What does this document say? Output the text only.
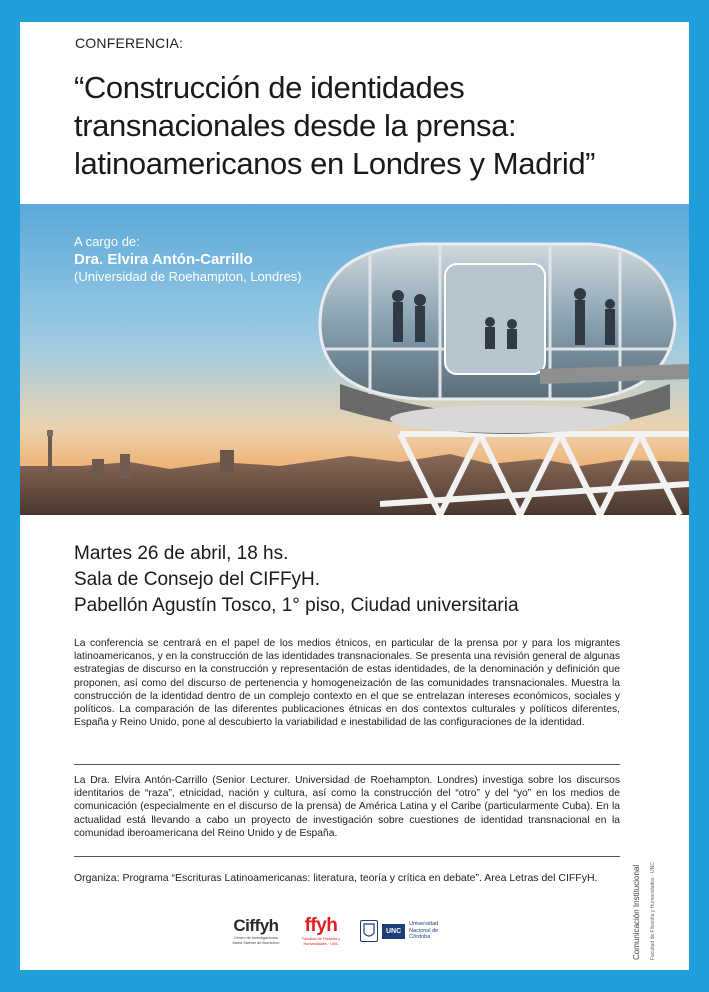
CONFERENCIA:
“Construcción de identidades transnacionales desde la prensa: latinoamericanos en Londres y Madrid”
A cargo de:
Dra. Elvira Antón-Carrillo
(Universidad de Roehampton, Londres)
Martes 26 de abril, 18 hs.
Sala de Consejo del CIFFyH.
Pabellón Agustín Tosco, 1° piso, Ciudad universitaria

La conferencia se centrará en el papel de los medios étnicos, en particular de la prensa por y para los migrantes latinoamericanos, y en la construcción de las identidades transnacionales. Se presenta una revisión general de algunas estrategias de discurso en la construcción y representación de estas identidades, de la denominación y definición que proponen, así como del discurso de pertenencia y homogeneización de las comunidades transnacionales. Muestra la construcción de la identidad dentro de un complejo contexto en el que se entrelazan intereses económicos, sociales y políticos. La comparación de las diferentes publicaciones étnicas en dos contextos culturales y políticos diferentes, España y Reino Unido, pone al descubierto la variabilidad e inestabilidad de las configuraciones de la identidad.

La Dra. Elvira Antón-Carrillo (Senior Lecturer. Universidad de Roehampton. Londres) investiga sobre los discursos identitarios de “raza”, etnicidad, nación y cultura, así como la construcción del “otro” y del “yo” en los medios de comunicación (especialmente en el discurso de la prensa) de América Latina y el Caribe (particularmente Cuba). En la actualidad está llevando a cabo un proyecto de investigación sobre cuestiones de identidad transnacional en la comunidad iberoamericana del Reino Unido y de España.

Organiza: Programa “Escrituras Latinoamericanas: literatura, teoría y crítica en debate”. Area Letras del CIFFyH.
Ciffyh
Centro de Investigaciones María Saleme de Burnichon
ffyh
Facultad de Filosofía y Humanidades · UNC
UNC
Universidad Nacional de Córdoba	Comunicación Institucional Facultad de Filosofía y Humanidades · UNC
